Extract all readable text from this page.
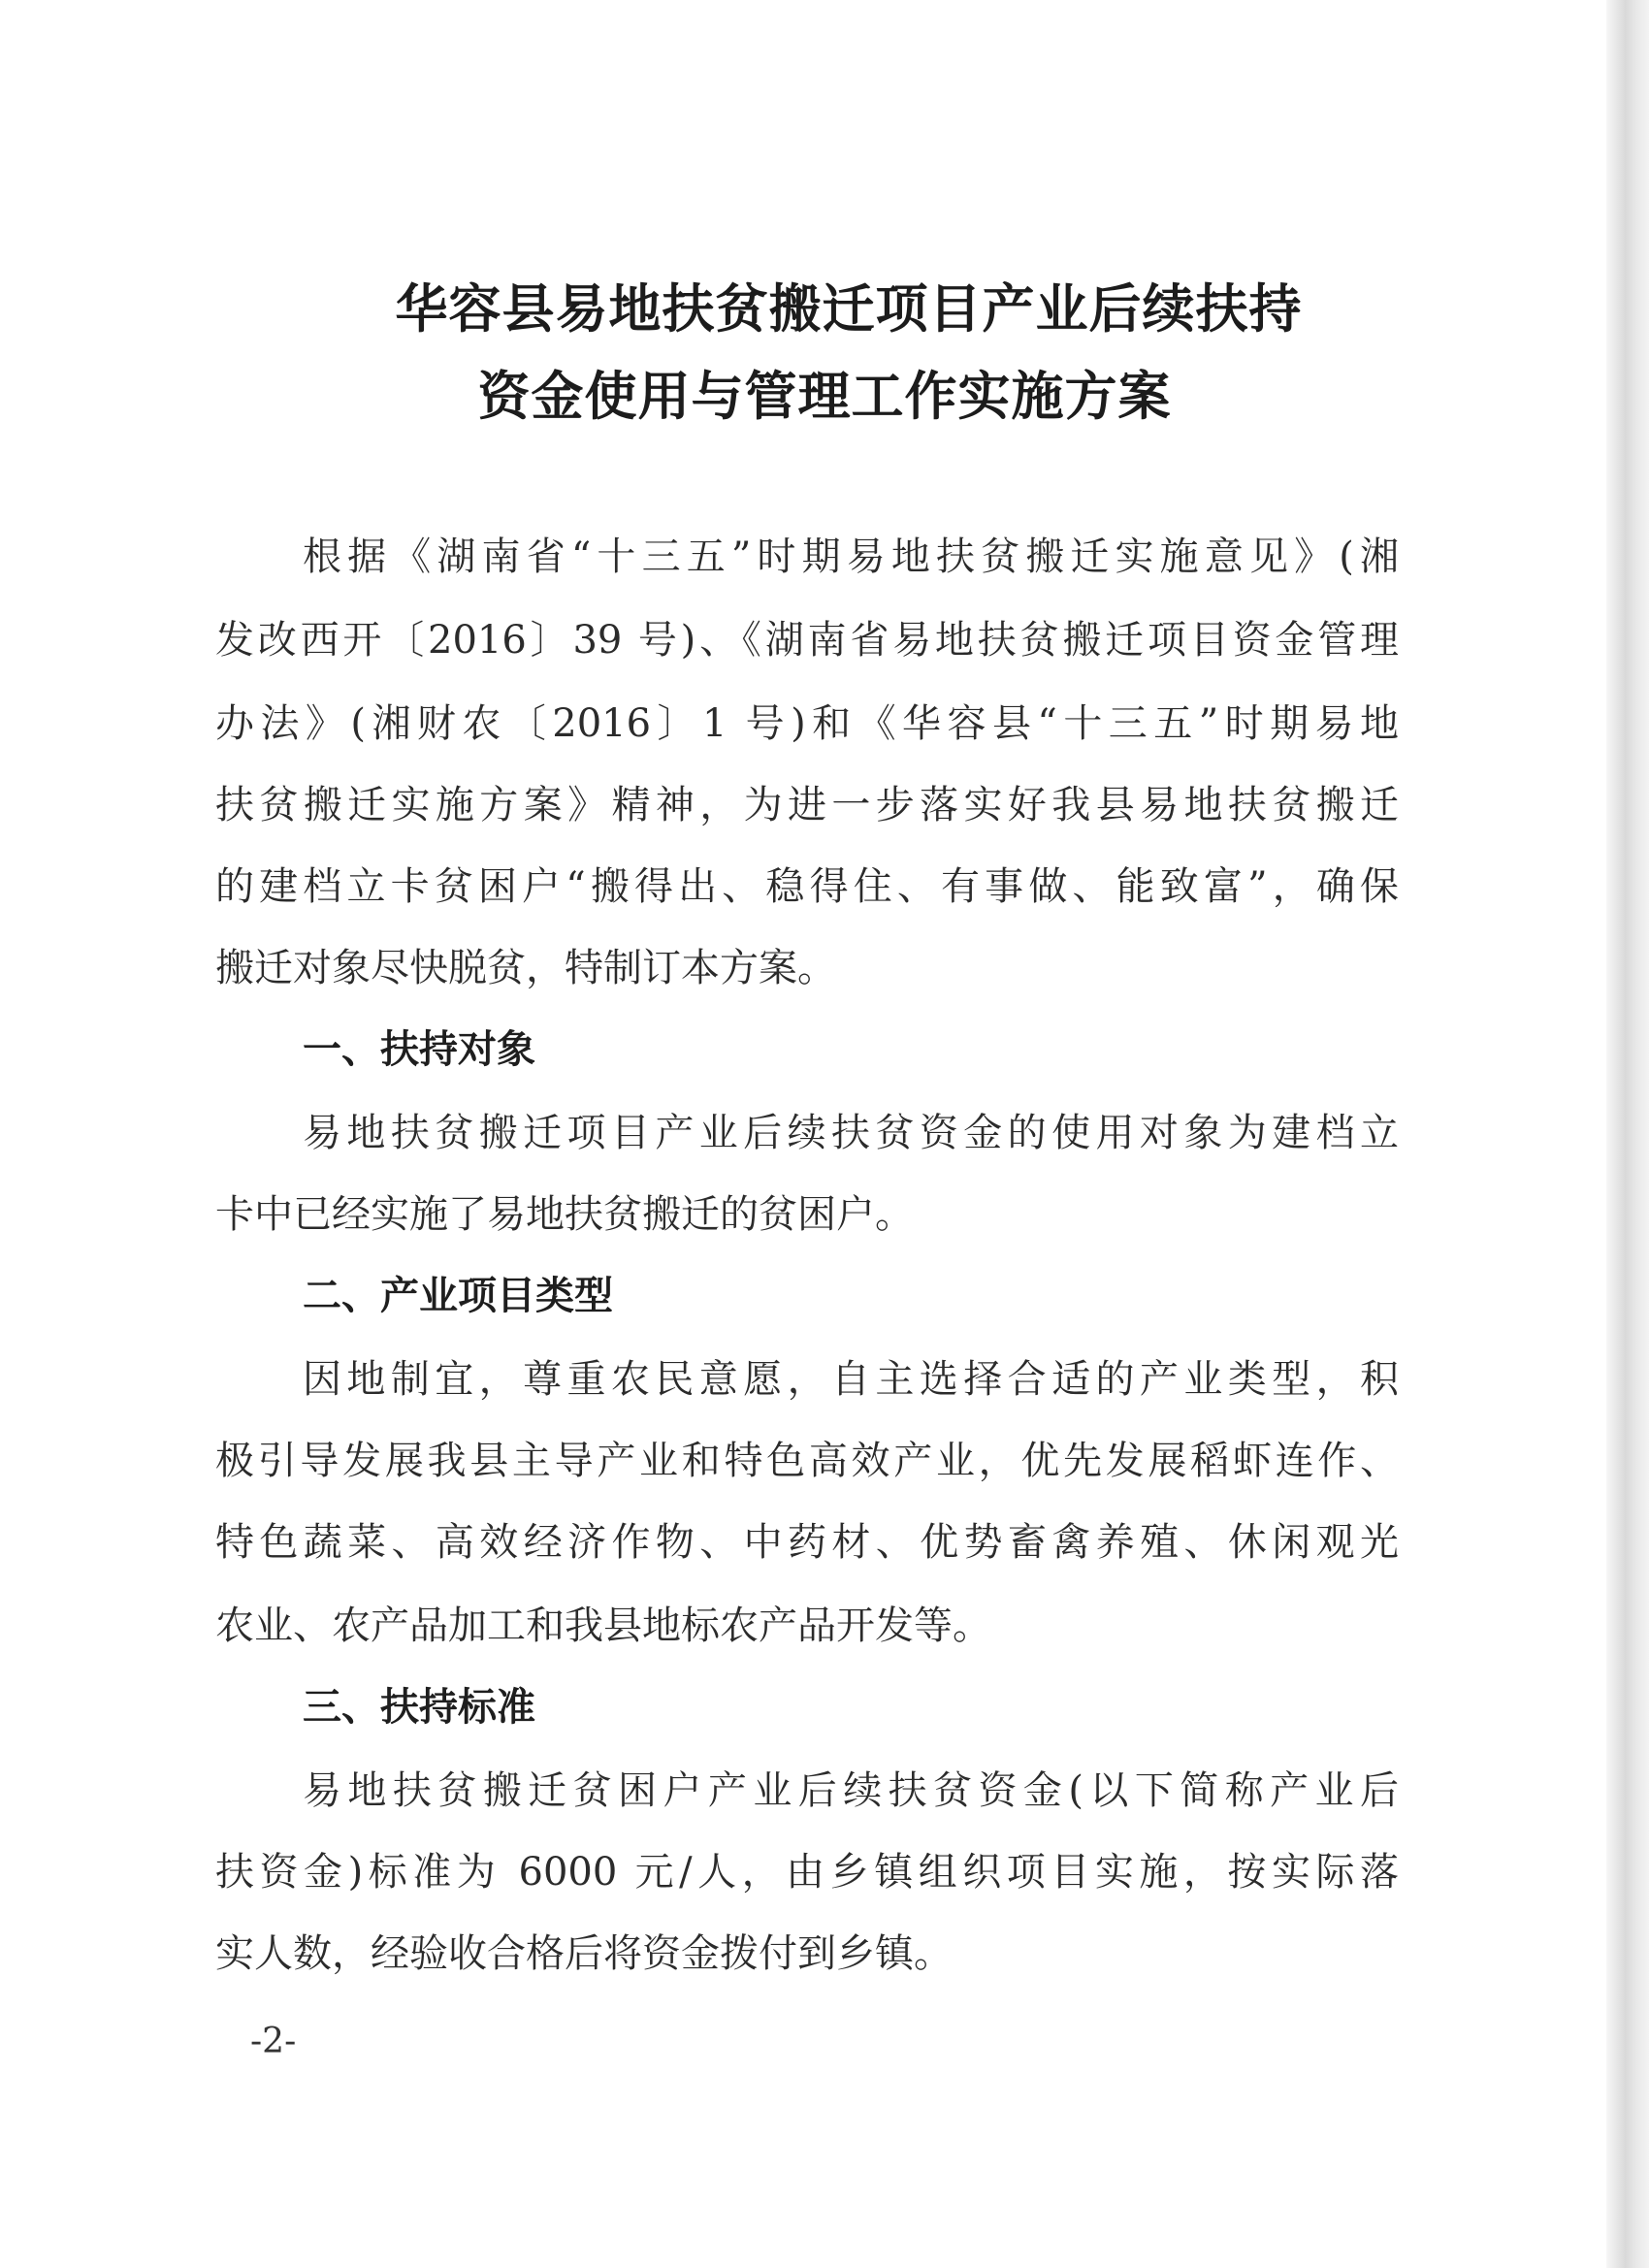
华容县易地扶贫搬迁项目产业后续扶持
资金使用与管理工作实施方案
根据《湖南省“十三五”时期易地扶贫搬迁实施意见》(湘
发改西开〔2016〕39 号)、《湖南省易地扶贫搬迁项目资金管理
办法》(湘财农〔2016〕1 号)和《华容县“十三五”时期易地
扶贫搬迁实施方案》精神，为进一步落实好我县易地扶贫搬迁
的建档立卡贫困户“搬得出、稳得住、有事做、能致富”，确保
搬迁对象尽快脱贫，特制订本方案。
一、扶持对象
易地扶贫搬迁项目产业后续扶贫资金的使用对象为建档立
卡中已经实施了易地扶贫搬迁的贫困户。
二、产业项目类型
因地制宜，尊重农民意愿，自主选择合适的产业类型，积
极引导发展我县主导产业和特色高效产业，优先发展稻虾连作、
特色蔬菜、高效经济作物、中药材、优势畜禽养殖、休闲观光
农业、农产品加工和我县地标农产品开发等。
三、扶持标准
易地扶贫搬迁贫困户产业后续扶贫资金(以下简称产业后
扶资金)标准为 6000 元/人，由乡镇组织项目实施，按实际落
实人数，经验收合格后将资金拨付到乡镇。
-2-
